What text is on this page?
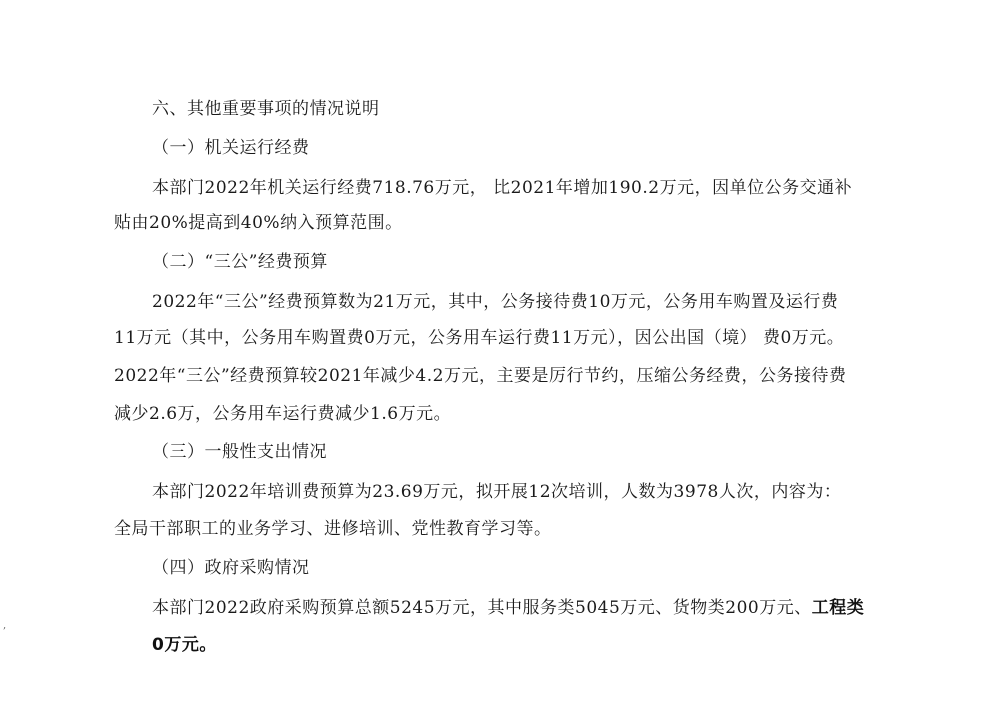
六、其他重要事项的情况说明
（一）机关运行经费
本部门2022年机关运行经费718.76万元， 比2021年增加190.2万元，因单位公务交通补
贴由20%提高到40%纳入预算范围。
（二）“三公”经费预算
2022年“三公”经费预算数为21万元，其中，公务接待费10万元，公务用车购置及运行费
11万元（其中，公务用车购置费0万元，公务用车运行费11万元），因公出国（境） 费0万元。
2022年“三公”经费预算较2021年减少4.2万元，主要是厉行节约，压缩公务经费，公务接待费
减少2.6万，公务用车运行费减少1.6万元。
（三）一般性支出情况
本部门2022年培训费预算为23.69万元，拟开展12次培训，人数为3978人次，内容为：
全局干部职工的业务学习、进修培训、党性教育学习等。
（四）政府采购情况
本部门2022政府采购预算总额5245万元，其中服务类5045万元、货物类200万元、工程类
0万元。
,
